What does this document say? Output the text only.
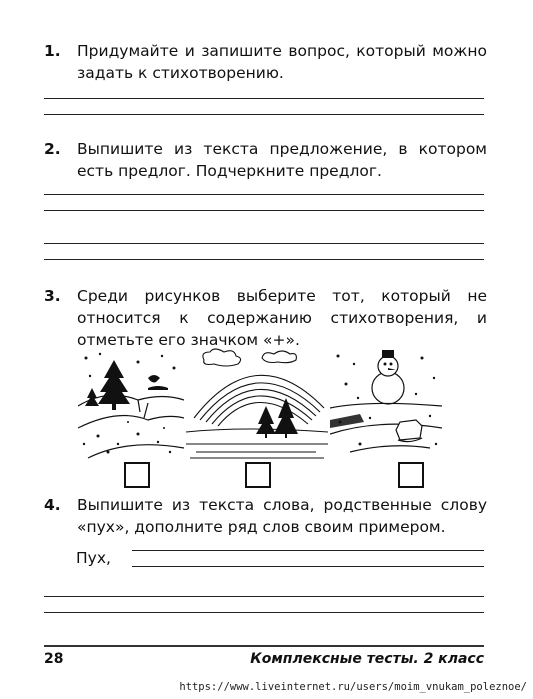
1. Придумайте и запишите вопрос, который можно задать к стихотворению.
2. Выпишите из текста предложение, в котором есть предлог. Подчеркните предлог.
3. Среди рисунков выберите тот, который не относится к содержанию стихотворения, и отметьте его значком «+».
4. Выпишите из текста слова, родственные слову «пух», дополните ряд слов своим примером.
Пух,
28	Комплексные тесты. 2 класс
https://www.liveinternet.ru/users/moim_vnukam_poleznoe/
